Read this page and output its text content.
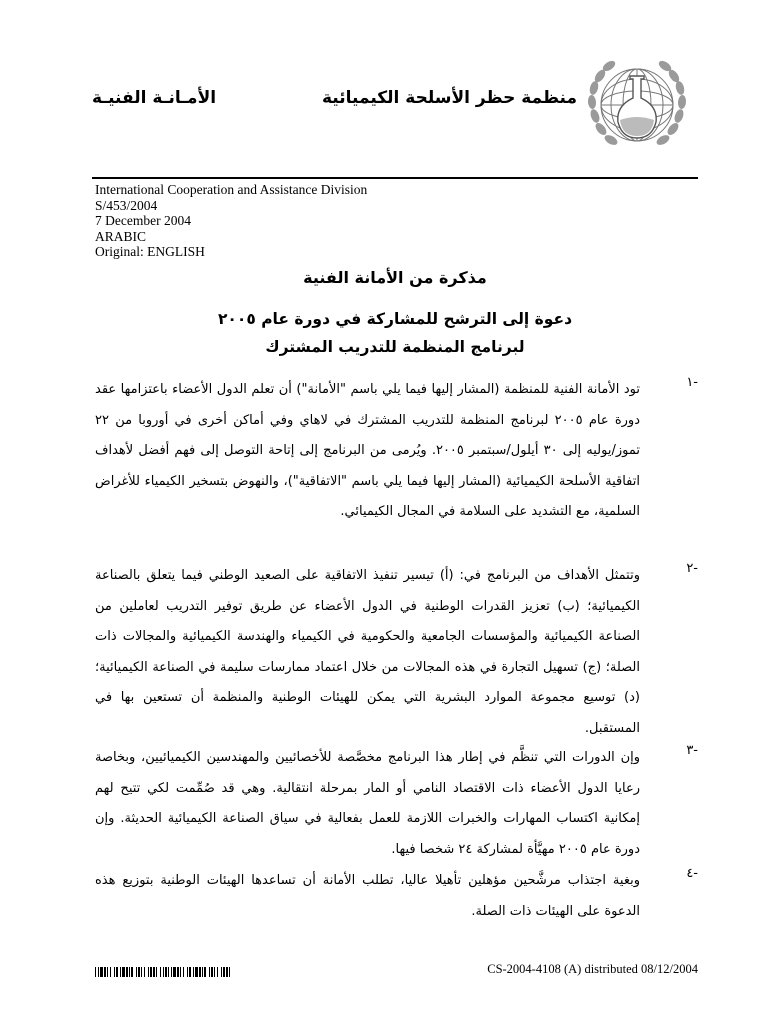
الأمـانـة الفنيـة	منظمة حظر الأسلحة الكيميائية
International Cooperation and Assistance Division
S/453/2004
7 December 2004
ARABIC
Original: ENGLISH
مذكرة من الأمانة الفنية
دعوة إلى الترشح للمشاركة في دورة عام ٢٠٠٥
لبرنامج المنظمة للتدريب المشترك
-١
تود الأمانة الفنية للمنظمة (المشار إليها فيما يلي باسم "الأمانة") أن تعلم الدول الأعضاء باعتزامها عقد دورة عام ٢٠٠٥ لبرنامج المنظمة للتدريب المشترك في لاهاي وفي أماكن أخرى في أوروبا من ٢٢ تموز/يوليه إلى ٣٠ أيلول/سبتمبر ٢٠٠٥. ويُرمى من البرنامج إلى إتاحة التوصل إلى فهم أفضل لأهداف اتفاقية الأسلحة الكيميائية (المشار إليها فيما يلي باسم "الاتفاقية")، والنهوض بتسخير الكيمياء للأغراض السلمية، مع التشديد على السلامة في المجال الكيميائي.
-٢
وتتمثل الأهداف من البرنامج في: (أ) تيسير تنفيذ الاتفاقية على الصعيد الوطني فيما يتعلق بالصناعة الكيميائية؛ (ب) تعزيز القدرات الوطنية في الدول الأعضاء عن طريق توفير التدريب لعاملين من الصناعة الكيميائية والمؤسسات الجامعية والحكومية في الكيمياء والهندسة الكيميائية والمجالات ذات الصلة؛ (ج) تسهيل التجارة في هذه المجالات من خلال اعتماد ممارسات سليمة في الصناعة الكيميائية؛ (د) توسيع مجموعة الموارد البشرية التي يمكن للهيئات الوطنية والمنظمة أن تستعين بها في المستقبل.
-٣
وإن الدورات التي تنظَّم في إطار هذا البرنامج مخصَّصة للأخصائيين والمهندسين الكيميائيين، وبخاصة رعايا الدول الأعضاء ذات الاقتصاد النامي أو المار بمرحلة انتقالية. وهي قد صُمِّمت لكي تتيح لهم إمكانية اكتساب المهارات والخبرات اللازمة للعمل بفعالية في سياق الصناعة الكيميائية الحديثة. وإن دورة عام ٢٠٠٥ مهيَّأة لمشاركة ٢٤ شخصا فيها.
-٤
وبغية اجتذاب مرشَّحين مؤهلين تأهيلا عاليا، تطلب الأمانة أن تساعدها الهيئات الوطنية بتوزيع هذه الدعوة على الهيئات ذات الصلة.
CS-2004-4108 (A) distributed 08/12/2004
